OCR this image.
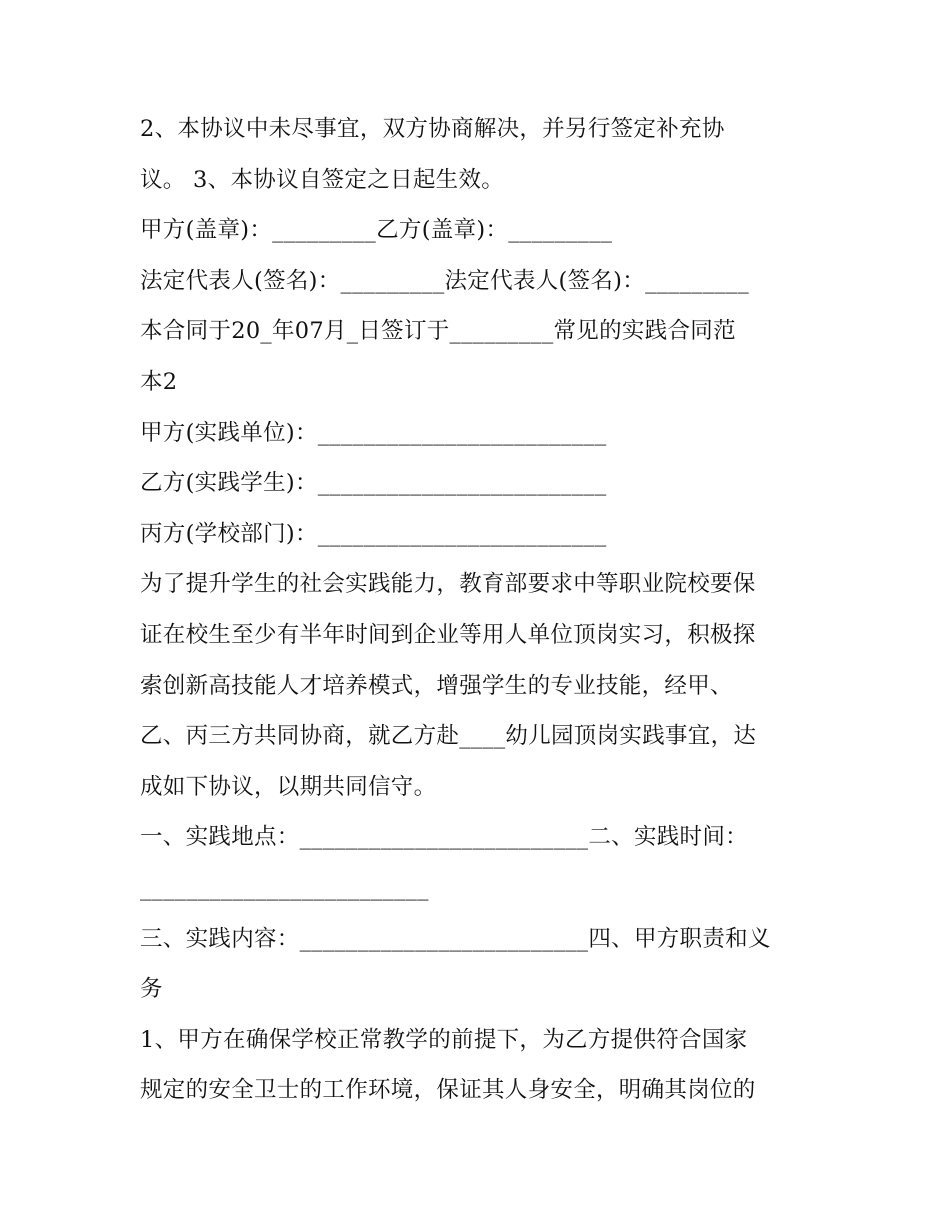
2、本协议中未尽事宜，双方协商解决，并另行签定补充协
议。 3、本协议自签定之日起生效。
甲方(盖章)：_________乙方(盖章)：_________
法定代表人(签名)：_________法定代表人(签名)：_________
本合同于20_年07月_日签订于_________常见的实践合同范
本2
甲方(实践单位)：_________________________
乙方(实践学生)：_________________________
丙方(学校部门)：_________________________
为了提升学生的社会实践能力，教育部要求中等职业院校要保
证在校生至少有半年时间到企业等用人单位顶岗实习，积极探
索创新高技能人才培养模式，增强学生的专业技能，经甲、
乙、丙三方共同协商，就乙方赴____幼儿园顶岗实践事宜，达
成如下协议，以期共同信守。
一、实践地点：_________________________二、实践时间：
_________________________
三、实践内容：_________________________四、甲方职责和义
务
1、甲方在确保学校正常教学的前提下，为乙方提供符合国家
规定的安全卫士的工作环境，保证其人身安全，明确其岗位的
